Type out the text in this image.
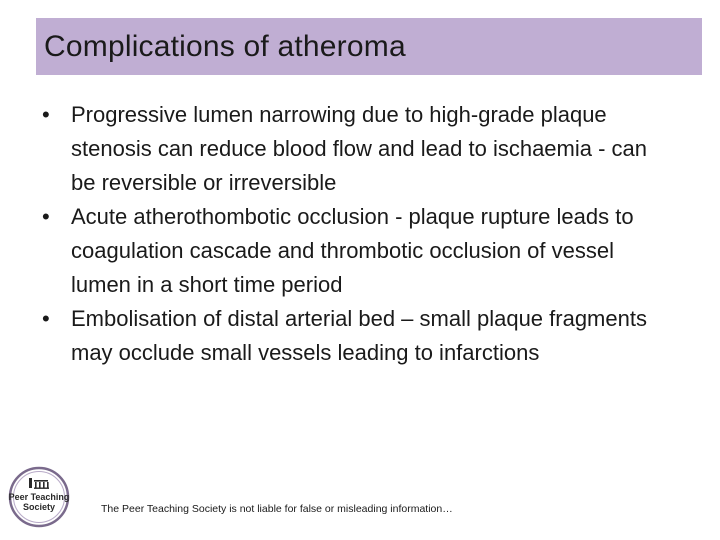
Complications of atheroma
• Progressive lumen narrowing due to high-grade plaque stenosis can reduce blood flow and lead to ischaemia - can be reversible or irreversible
• Acute atherothombotic occlusion - plaque rupture leads to coagulation cascade and thrombotic occlusion of vessel lumen in a short time period
• Embolisation of distal arterial bed – small plaque fragments may occlude small vessels leading to infarctions
Peer Teaching
Society	The Peer Teaching Society is not liable for false or misleading information…
